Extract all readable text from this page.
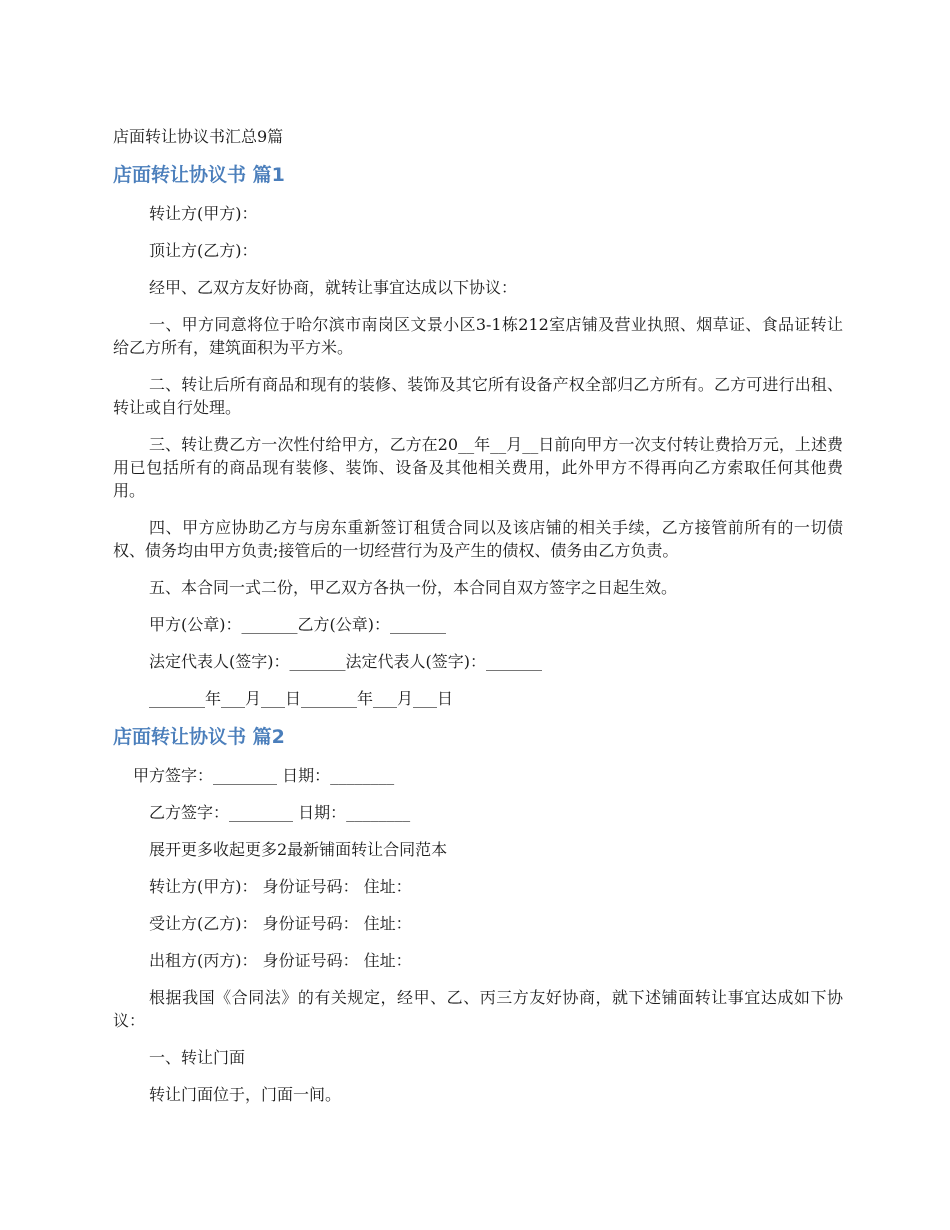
店面转让协议书汇总9篇
店面转让协议书 篇1

转让方(甲方)：

顶让方(乙方)：

经甲、乙双方友好协商，就转让事宜达成以下协议：

一、甲方同意将位于哈尔滨市南岗区文景小区3-1栋212室店铺及营业执照、烟草证、食品证转让给乙方所有，建筑面积为平方米。

二、转让后所有商品和现有的装修、装饰及其它所有设备产权全部归乙方所有。乙方可进行出租、转让或自行处理。

三、转让费乙方一次性付给甲方，乙方在20__年__月__日前向甲方一次支付转让费拾万元，上述费用已包括所有的商品现有装修、装饰、设备及其他相关费用，此外甲方不得再向乙方索取任何其他费用。

四、甲方应协助乙方与房东重新签订租赁合同以及该店铺的相关手续，乙方接管前所有的一切债权、债务均由甲方负责;接管后的一切经营行为及产生的债权、债务由乙方负责。

五、本合同一式二份，甲乙双方各执一份，本合同自双方签字之日起生效。

甲方(公章)：_______乙方(公章)：_______

法定代表人(签字)：_______法定代表人(签字)：_______

_______年___月___日_______年___月___日

店面转让协议书 篇2

甲方签字：________ 日期：________

乙方签字：________ 日期：________

展开更多收起更多2最新铺面转让合同范本

转让方(甲方)： 身份证号码： 住址：

受让方(乙方)： 身份证号码： 住址：

出租方(丙方)： 身份证号码： 住址：

根据我国《合同法》的有关规定，经甲、乙、丙三方友好协商，就下述铺面转让事宜达成如下协议：

一、转让门面

转让门面位于，门面一间。
